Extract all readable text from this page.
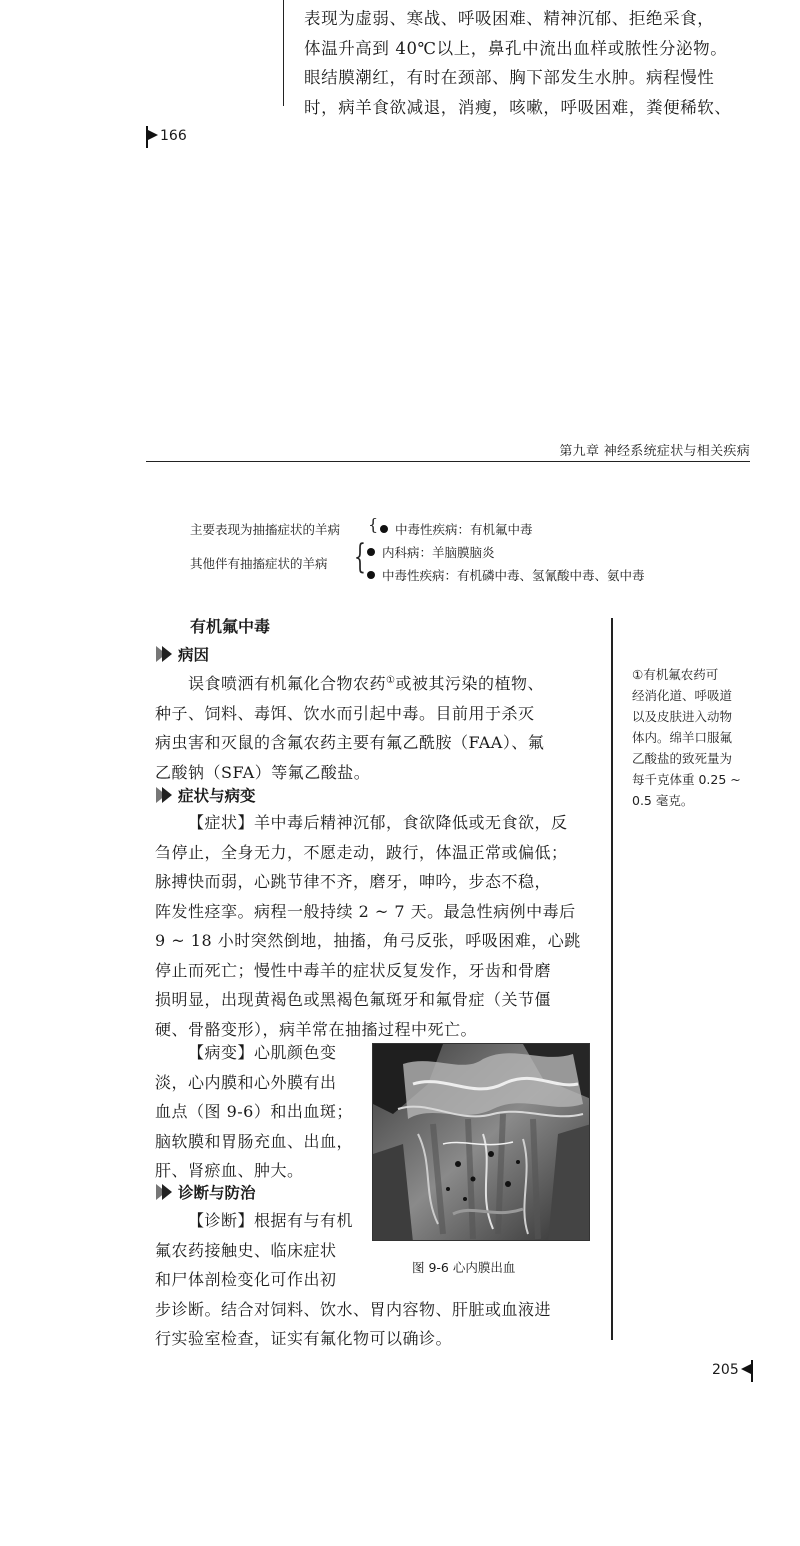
表现为虚弱、寒战、呼吸困难、精神沉郁、拒绝采食，

体温升高到 40℃以上，鼻孔中流出血样或脓性分泌物。

眼结膜潮红，有时在颈部、胸下部发生水肿。病程慢性

时，病羊食欲减退，消瘦，咳嗽，呼吸困难，粪便稀软、

166
第九章 神经系统症状与相关疾病
主要表现为抽搐症状的羊病 {	中毒性疾病：有机氟中毒
其他伴有抽搐症状的羊病 {	内科病：羊脑膜脑炎
中毒性疾病：有机磷中毒、氢氰酸中毒、氨中毒
有机氟中毒
病因

误食喷洒有机氟化合物农药①或被其污染的植物、

种子、饲料、毒饵、饮水而引起中毒。目前用于杀灭

病虫害和灭鼠的含氟农药主要有氟乙酰胺（FAA）、氟

乙酸钠（SFA）等氟乙酸盐。

症状与病变

【症状】羊中毒后精神沉郁，食欲降低或无食欲，反

刍停止，全身无力，不愿走动，跛行，体温正常或偏低；

脉搏快而弱，心跳节律不齐，磨牙，呻吟，步态不稳，

阵发性痉挛。病程一般持续 2 ~ 7 天。最急性病例中毒后

9 ~ 18 小时突然倒地，抽搐，角弓反张，呼吸困难，心跳

停止而死亡；慢性中毒羊的症状反复发作，牙齿和骨磨

损明显，出现黄褐色或黑褐色氟斑牙和氟骨症（关节僵

硬、骨骼变形），病羊常在抽搐过程中死亡。

【病变】心肌颜色变

淡，心内膜和心外膜有出

血点（图 9-6）和出血斑；

脑软膜和胃肠充血、出血，

肝、肾瘀血、肿大。

诊断与防治

【诊断】根据有与有机

氟农药接触史、临床症状

和尸体剖检变化可作出初

步诊断。结合对饲料、饮水、胃内容物、肝脏或血液进

行实验室检查，证实有氟化物可以确诊。

图 9-6 心内膜出血

①有机氟农药可

经消化道、呼吸道

以及皮肤进入动物

体内。绵羊口服氟

乙酸盐的致死量为

每千克体重 0.25 ~

0.5 毫克。

205
